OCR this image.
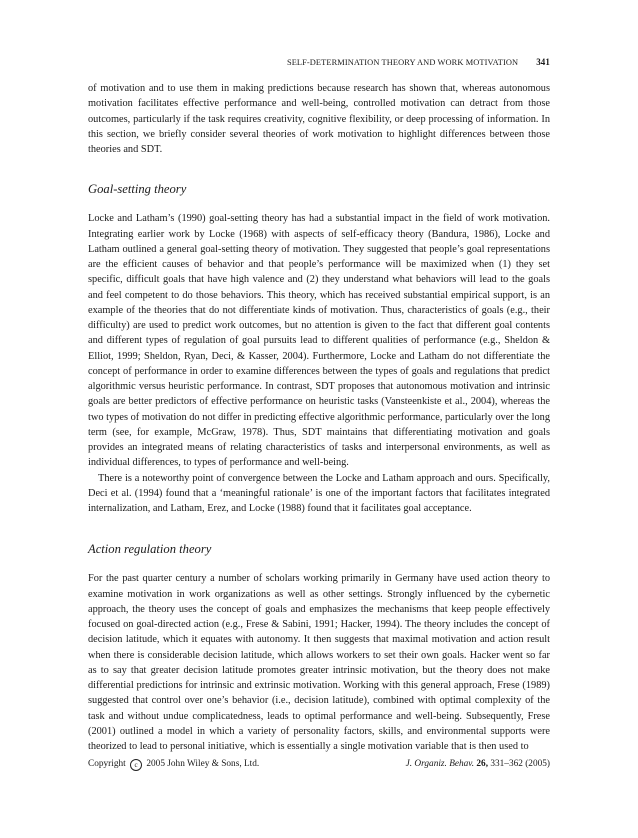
SELF-DETERMINATION THEORY AND WORK MOTIVATION 341

of motivation and to use them in making predictions because research has shown that, whereas autonomous motivation facilitates effective performance and well-being, controlled motivation can detract from those outcomes, particularly if the task requires creativity, cognitive flexibility, or deep processing of information. In this section, we briefly consider several theories of work motivation to highlight differences between those theories and SDT.

Goal-setting theory

Locke and Latham’s (1990) goal-setting theory has had a substantial impact in the field of work motivation. Integrating earlier work by Locke (1968) with aspects of self-efficacy theory (Bandura, 1986), Locke and Latham outlined a general goal-setting theory of motivation. They suggested that people’s goal representations are the efficient causes of behavior and that people’s performance will be maximized when (1) they set specific, difficult goals that have high valence and (2) they understand what behaviors will lead to the goals and feel competent to do those behaviors. This theory, which has received substantial empirical support, is an example of the theories that do not differentiate kinds of motivation. Thus, characteristics of goals (e.g., their difficulty) are used to predict work outcomes, but no attention is given to the fact that different goal contents and different types of regulation of goal pursuits lead to different qualities of performance (e.g., Sheldon & Elliot, 1999; Sheldon, Ryan, Deci, & Kasser, 2004). Furthermore, Locke and Latham do not differentiate the concept of performance in order to examine differences between the types of goals and regulations that predict algorithmic versus heuristic performance. In contrast, SDT proposes that autonomous motivation and intrinsic goals are better predictors of effective performance on heuristic tasks (Vansteenkiste et al., 2004), whereas the two types of motivation do not differ in predicting effective algorithmic performance, particularly over the long term (see, for example, McGraw, 1978). Thus, SDT maintains that differentiating motivation and goals provides an integrated means of relating characteristics of tasks and interpersonal environments, as well as individual differences, to types of performance and well-being.

There is a noteworthy point of convergence between the Locke and Latham approach and ours. Specifically, Deci et al. (1994) found that a ‘meaningful rationale’ is one of the important factors that facilitates integrated internalization, and Latham, Erez, and Locke (1988) found that it facilitates goal acceptance.

Action regulation theory

For the past quarter century a number of scholars working primarily in Germany have used action theory to examine motivation in work organizations as well as other settings. Strongly influenced by the cybernetic approach, the theory uses the concept of goals and emphasizes the mechanisms that keep people effectively focused on goal-directed action (e.g., Frese & Sabini, 1991; Hacker, 1994). The theory includes the concept of decision latitude, which it equates with autonomy. It then suggests that maximal motivation and action result when there is considerable decision latitude, which allows workers to set their own goals. Hacker went so far as to say that greater decision latitude promotes greater intrinsic motivation, but the theory does not make differential predictions for intrinsic and extrinsic motivation. Working with this general approach, Frese (1989) suggested that control over one’s behavior (i.e., decision latitude), combined with optimal complexity of the task and without undue complicatedness, leads to optimal performance and well-being. Subsequently, Frese (2001) outlined a model in which a variety of personality factors, skills, and environmental supports were theorized to lead to personal initiative, which is essentially a single motivation variable that is then used to

Copyright c 2005 John Wiley & Sons, Ltd.	J. Organiz. Behav. 26, 331–362 (2005)
